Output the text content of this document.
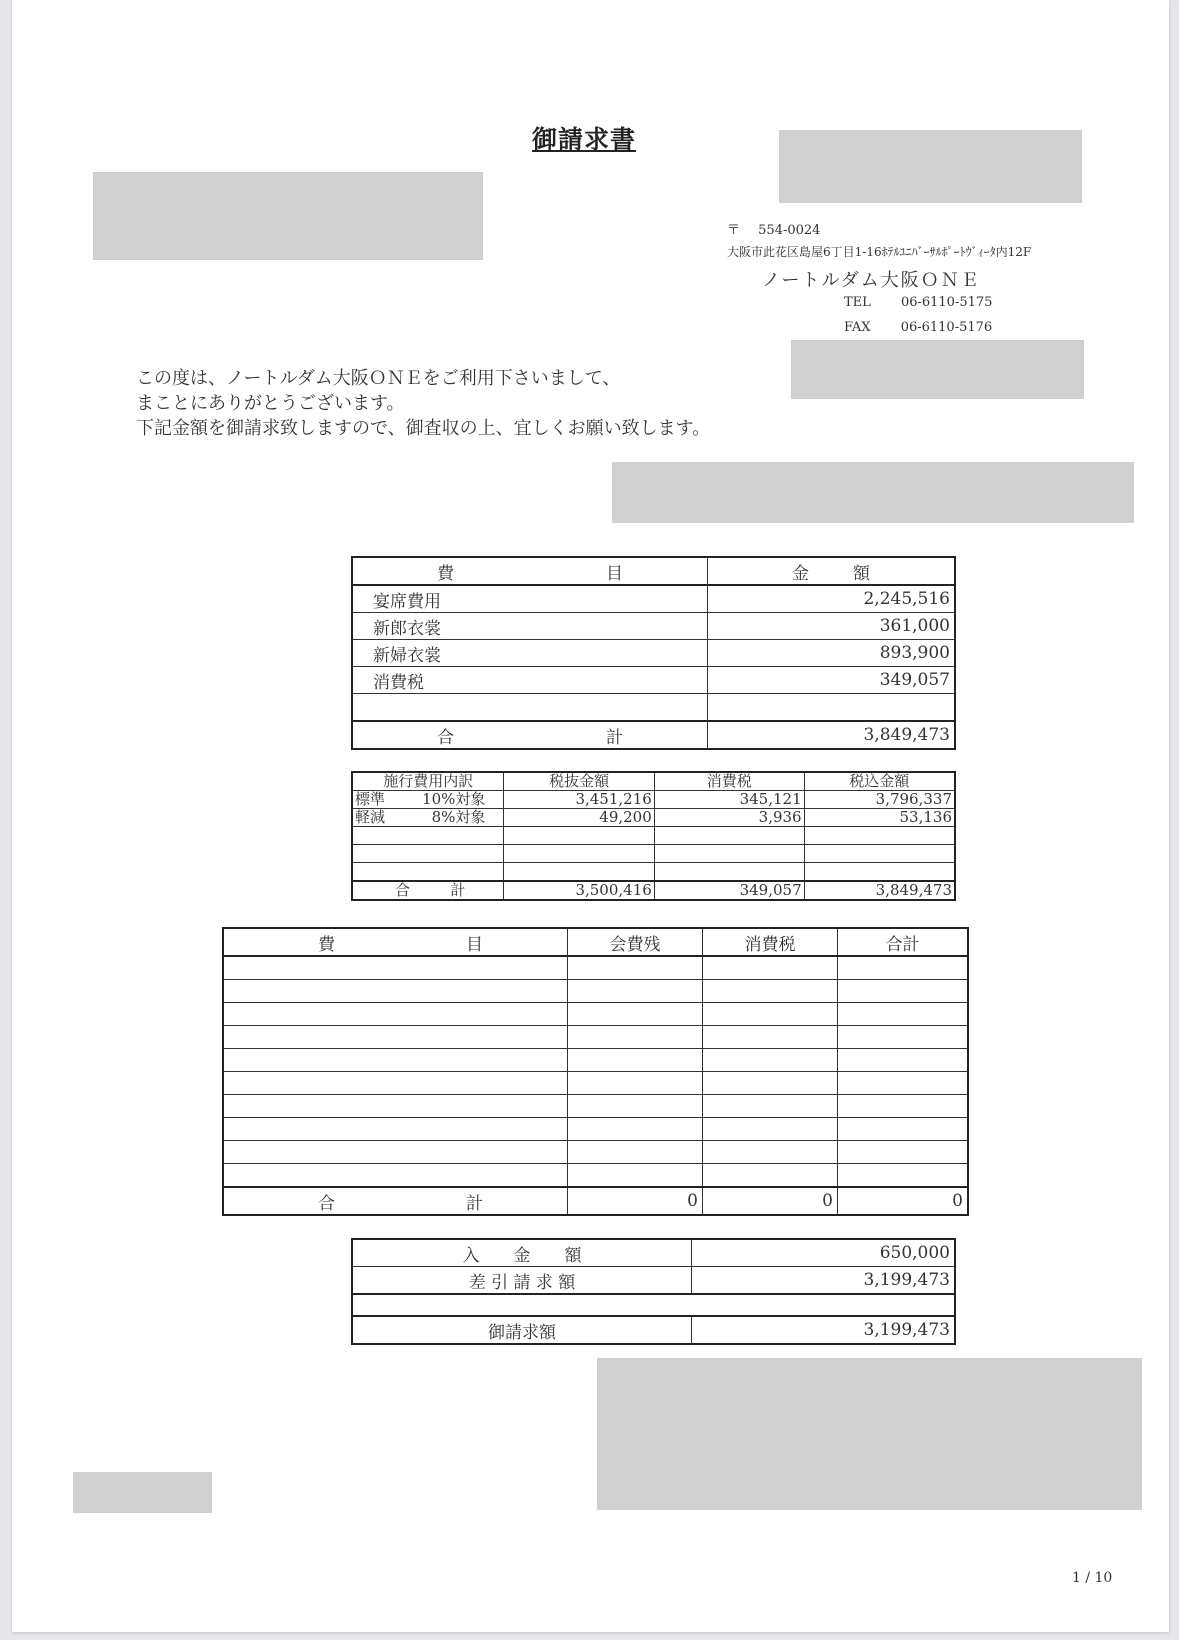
御請求書
〒 554-0024
大阪市此花区島屋6丁目1-16ﾎﾃﾙﾕﾆﾊﾞｰｻﾙﾎﾟｰﾄｳﾞｨｰﾀ内12F
ノートルダム大阪ＯＮＥ
TEL 06-6110-5175
FAX 06-6110-5176
この度は、ノートルダム大阪ＯＮＥをご利用下さいまして、
まことにありがとうございます。
下記金額を御請求致しますので、御査収の上、宜しくお願い致します。
費 目	金 額

宴席費用	2,245,516
新郎衣裳	361,000
新婦衣裳	893,900
消費税	349,057

合 計	3,849,473
施行費用内訳	税抜金額	消費税	税込金額
標準 10%対象	3,451,216	345,121	3,796,337
軽減 8%対象	49,200	3,936	53,136

合 計	3,500,416	349,057	3,849,473
費 目	会費残	消費税	合計

合 計	0	0	0
入　　金　　額	650,000
差 引 請 求 額	3,199,473

御請求額	3,199,473
1 / 10
